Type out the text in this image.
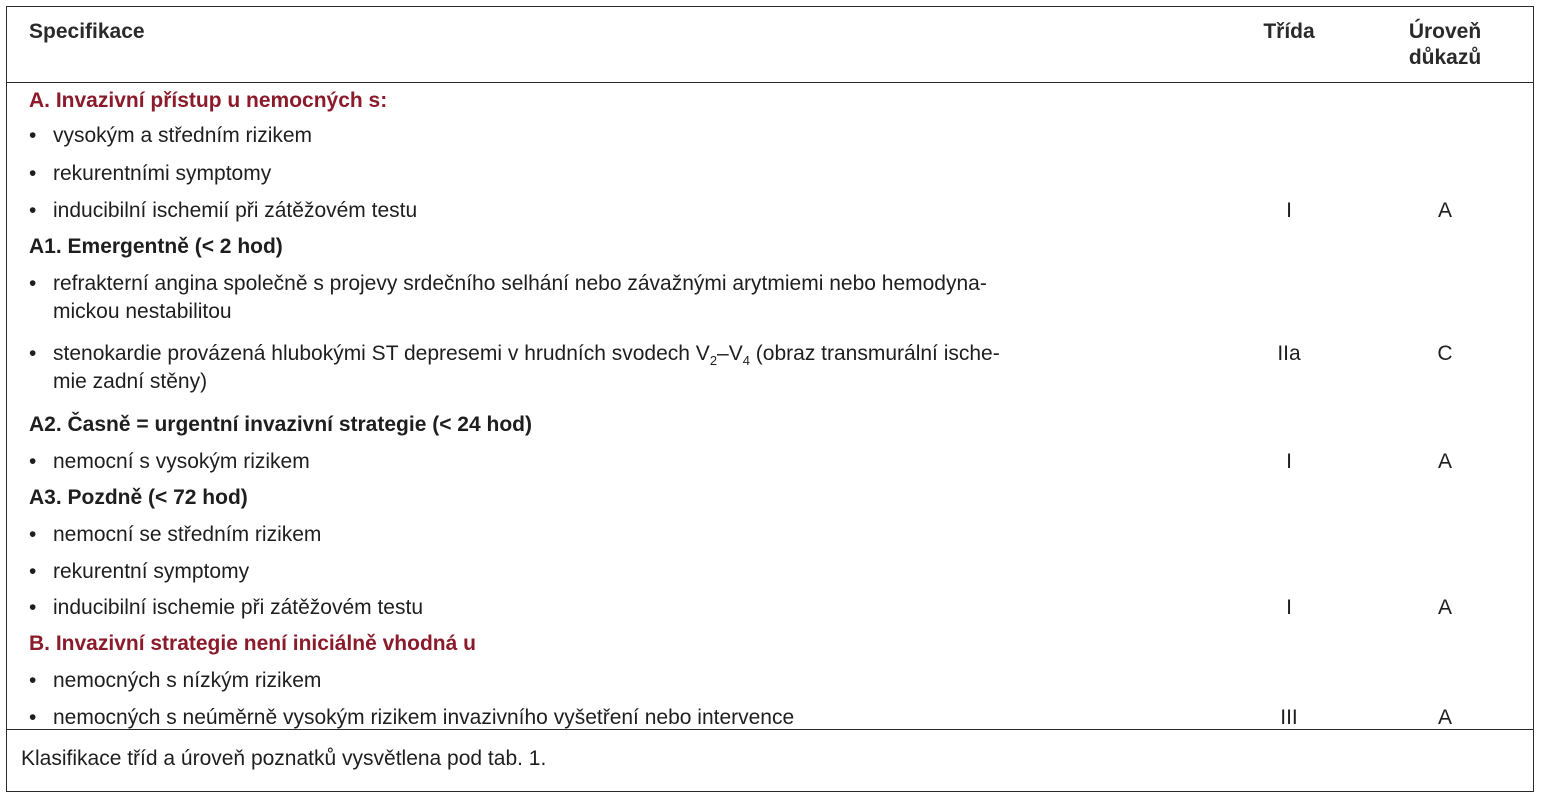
Specifikace	Třída	Úroveň
důkazů
A. Invazivní přístup u nemocných s:
• vysokým a středním rizikem
• rekurentními symptomy
• inducibilní ischemií při zátěžovém testu	I	A
A1. Emergentně (< 2 hod)
• refrakterní angina společně s projevy srdečního selhání nebo závažnými arytmiemi nebo hemodyna-
mickou nestabilitou
• stenokardie provázená hlubokými ST depresemi v hrudních svodech $V_2-V_4$ (obraz transmurální ische-
mie zadní stěny)
IIa	C
A2. Časně = urgentní invazivní strategie (< 24 hod)
• nemocní s vysokým rizikem	I	A
A3. Pozdně (< 72 hod)
• nemocní se středním rizikem
• rekurentní symptomy
• inducibilní ischemie při zátěžovém testu	I	A
B. Invazivní strategie není iniciálně vhodná u
• nemocných s nízkým rizikem
• nemocných s neúměrně vysokým rizikem invazivního vyšetření nebo intervence	III	A
Klasifikace tříd a úroveň poznatků vysvětlena pod tab. 1.
